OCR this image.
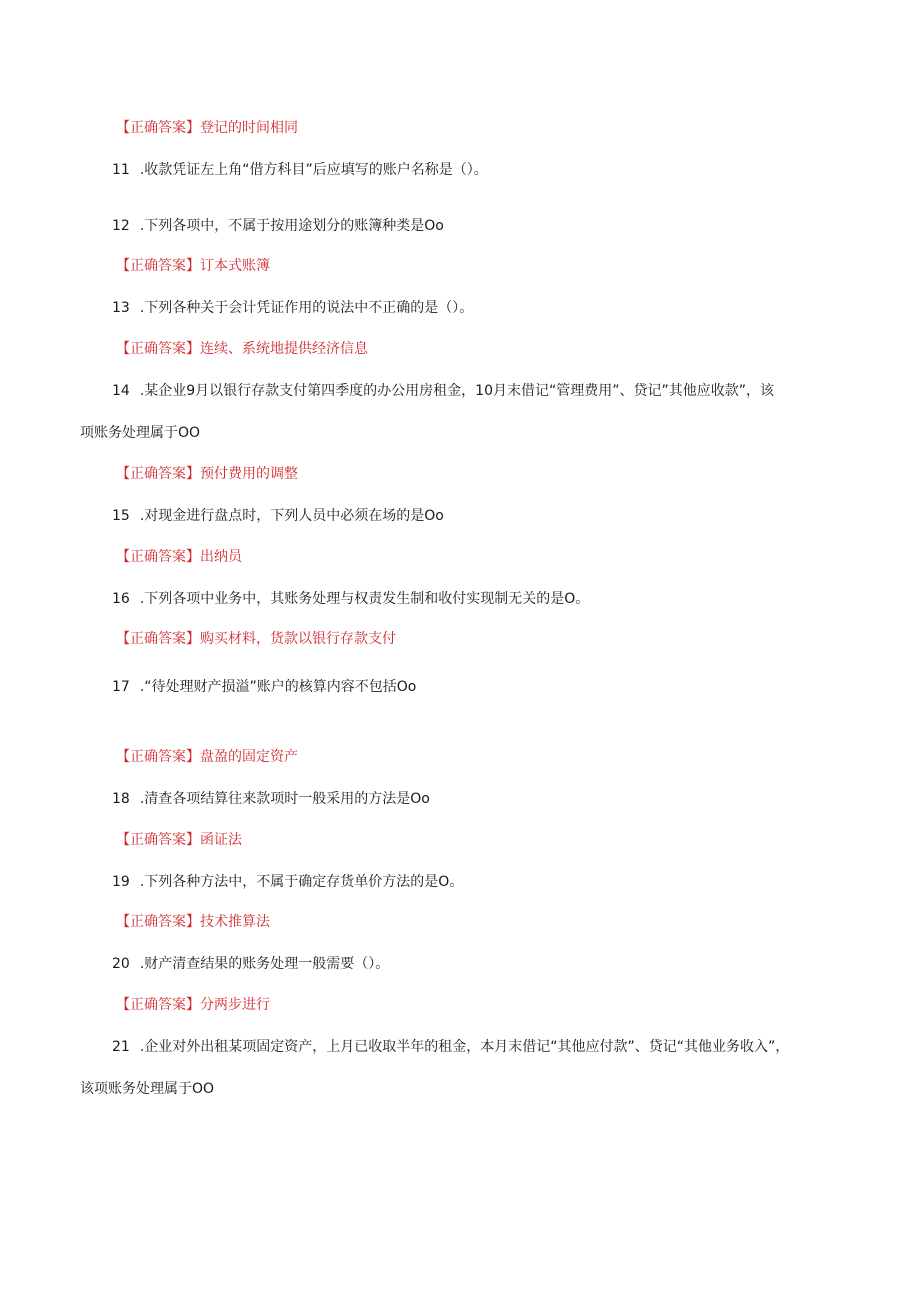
【正确答案】登记的时间相同
11 .收款凭证左上角“借方科目”后应填写的账户名称是（）。
12 .下列各项中，不属于按用途划分的账簿种类是Oo
【正确答案】订本式账簿
13 .下列各种关于会计凭证作用的说法中不正确的是（）。
【正确答案】连续、系统地提供经济信息
14 .某企业9月以银行存款支付第四季度的办公用房租金，10月末借记“管理费用”、贷记”其他应收款”，该
项账务处理属于OO
【正确答案】预付费用的调整
15 .对现金进行盘点时，下列人员中必须在场的是Oo
【正确答案】出纳员
16 .下列各项中业务中，其账务处理与权责发生制和收付实现制无关的是O。
【正确答案】购买材料，货款以银行存款支付
17 .“待处理财产损溢”账户的核算内容不包括Oo
【正确答案】盘盈的固定资产
18 .清查各项结算往来款项时一般采用的方法是Oo
【正确答案】函证法
19 .下列各种方法中，不属于确定存货单价方法的是O。
【正确答案】技术推算法
20 .财产清查结果的账务处理一般需要（）。
【正确答案】分两步进行
21 .企业对外出租某项固定资产，上月已收取半年的租金，本月末借记“其他应付款”、贷记“其他业务收入”，
该项账务处理属于OO
